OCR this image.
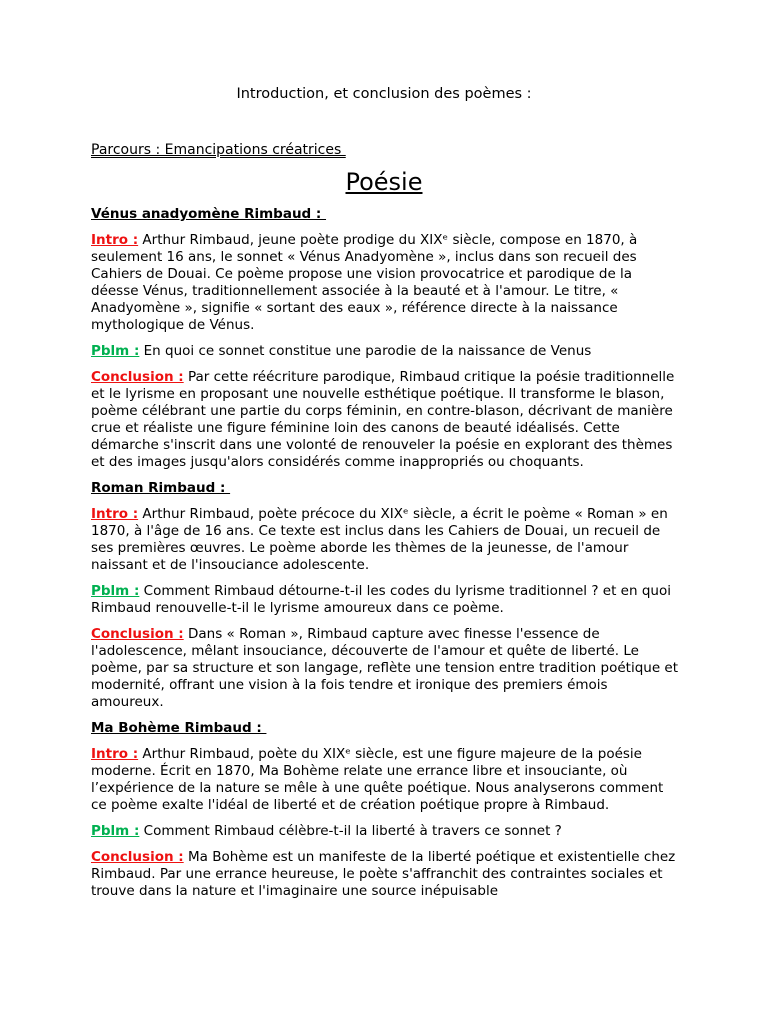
Introduction, et conclusion des poèmes :
Parcours : Emancipations créatrices
Poésie
Vénus anadyomène Rimbaud :

Intro : Arthur Rimbaud, jeune poète prodige du XIXᵉ siècle, compose en 1870, à seulement 16 ans, le sonnet « Vénus Anadyomène », inclus dans son recueil des Cahiers de Douai. Ce poème propose une vision provocatrice et parodique de la déesse Vénus, traditionnellement associée à la beauté et à l'amour. Le titre, « Anadyomène », signifie « sortant des eaux », référence directe à la naissance mythologique de Vénus.

Pblm : En quoi ce sonnet constitue une parodie de la naissance de Venus

Conclusion : Par cette réécriture parodique, Rimbaud critique la poésie traditionnelle et le lyrisme en proposant une nouvelle esthétique poétique. Il transforme le blason, poème célébrant une partie du corps féminin, en contre-blason, décrivant de manière crue et réaliste une figure féminine loin des canons de beauté idéalisés. Cette démarche s'inscrit dans une volonté de renouveler la poésie en explorant des thèmes et des images jusqu'alors considérés comme inappropriés ou choquants.

Roman Rimbaud :

Intro : Arthur Rimbaud, poète précoce du XIXᵉ siècle, a écrit le poème « Roman » en 1870, à l'âge de 16 ans. Ce texte est inclus dans les Cahiers de Douai, un recueil de ses premières œuvres. Le poème aborde les thèmes de la jeunesse, de l'amour naissant et de l'insouciance adolescente.

Pblm : Comment Rimbaud détourne-t-il les codes du lyrisme traditionnel ? et en quoi Rimbaud renouvelle-t-il le lyrisme amoureux dans ce poème.

Conclusion : Dans « Roman », Rimbaud capture avec finesse l'essence de l'adolescence, mêlant insouciance, découverte de l'amour et quête de liberté. Le poème, par sa structure et son langage, reflète une tension entre tradition poétique et modernité, offrant une vision à la fois tendre et ironique des premiers émois amoureux.

Ma Bohème Rimbaud :

Intro : Arthur Rimbaud, poète du XIXᵉ siècle, est une figure majeure de la poésie moderne. Écrit en 1870, Ma Bohème relate une errance libre et insouciante, où l’expérience de la nature se mêle à une quête poétique. Nous analyserons comment ce poème exalte l'idéal de liberté et de création poétique propre à Rimbaud.

Pblm : Comment Rimbaud célèbre-t-il la liberté à travers ce sonnet ?

Conclusion : Ma Bohème est un manifeste de la liberté poétique et existentielle chez Rimbaud. Par une errance heureuse, le poète s'affranchit des contraintes sociales et trouve dans la nature et l'imaginaire une source inépuisable
